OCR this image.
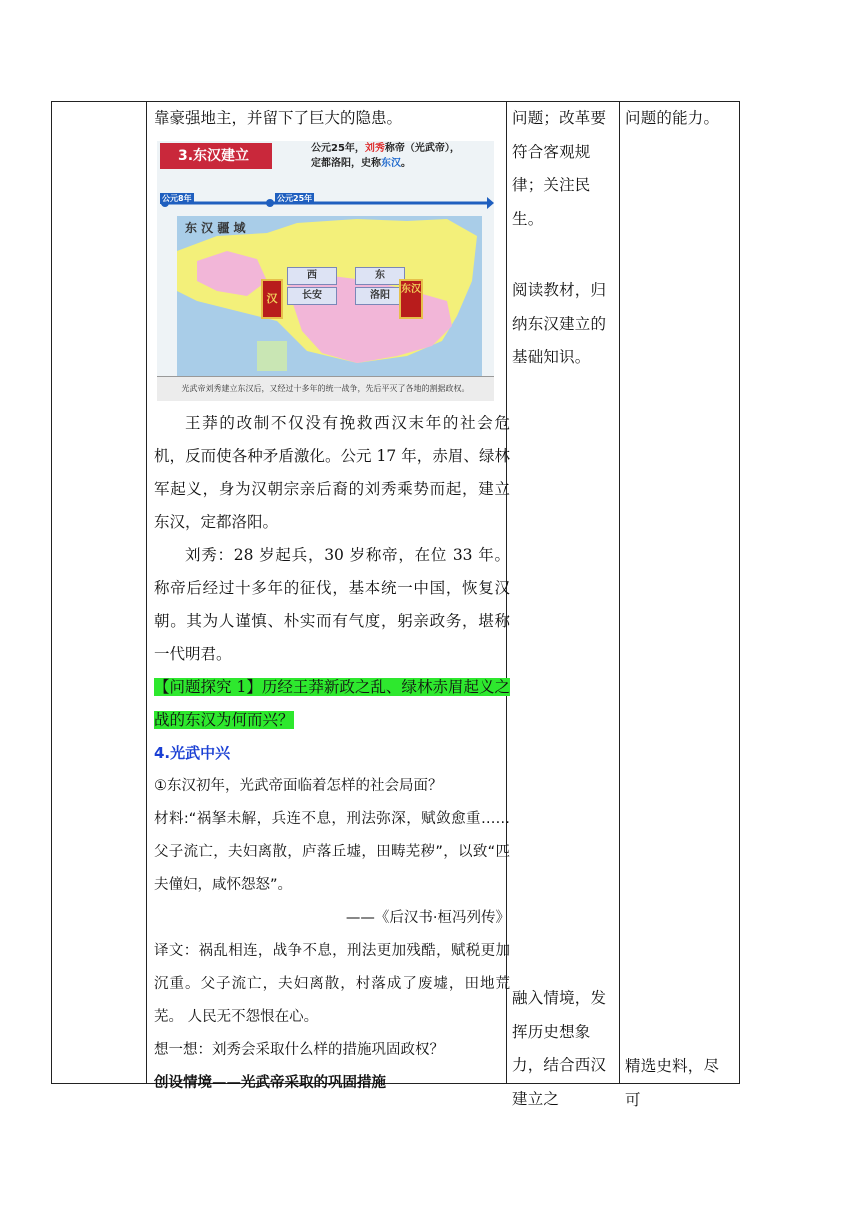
靠豪强地主，并留下了巨大的隐患。

3.东汉建立	公元25年，刘秀称帝（光武帝），定都洛阳，史称东汉。
公元8年	公元25年
东 汉 疆 域
西
长安
东
洛阳
汉
东汉
光武帝刘秀建立东汉后，又经过十多年的统一战争，先后平灭了各地的割据政权。

王莽的改制不仅没有挽救西汉末年的社会危机，反而使各种矛盾激化。公元 17 年，赤眉、绿林军起义，身为汉朝宗亲后裔的刘秀乘势而起，建立东汉，定都洛阳。

刘秀：28 岁起兵，30 岁称帝，在位 33 年。称帝后经过十多年的征伐，基本统一中国，恢复汉朝。其为人谨慎、朴实而有气度，躬亲政务，堪称一代明君。

【问题探究 1】历经王莽新政之乱、绿林赤眉起义之战的东汉为何而兴？

4.光武中兴

①东汉初年，光武帝面临着怎样的社会局面？

材料:“祸拏未解，兵连不息，刑法弥深，赋敛愈重……父子流亡，夫妇离散，庐落丘墟，田畴芜秽”，以致“匹夫僮妇，咸怀怨怒”。

——《后汉书·桓冯列传》

译文：祸乱相连，战争不息，刑法更加残酷，赋税更加沉重。父子流亡，夫妇离散，村落成了废墟，田地荒芜。 人民无不怨恨在心。

想一想：刘秀会采取什么样的措施巩固政权？

创设情境——光武帝采取的巩固措施

问题；改革要符合客观规律；关注民生。

阅读教材，归纳东汉建立的基础知识。

融入情境，发挥历史想象力，结合西汉建立之

问题的能力。

精选史料，尽可
